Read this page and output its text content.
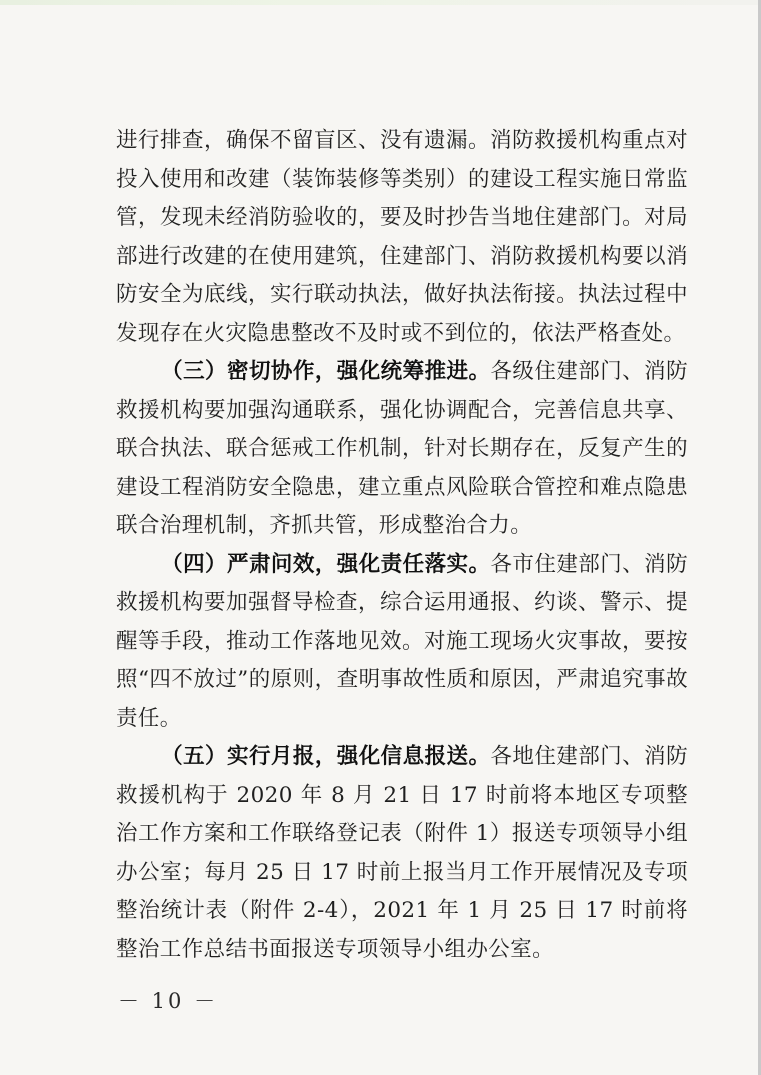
进行排查，确保不留盲区、没有遗漏。消防救援机构重点对投入使用和改建（装饰装修等类别）的建设工程实施日常监管，发现未经消防验收的，要及时抄告当地住建部门。对局部进行改建的在使用建筑，住建部门、消防救援机构要以消防安全为底线，实行联动执法，做好执法衔接。执法过程中发现存在火灾隐患整改不及时或不到位的，依法严格查处。

（三）密切协作，强化统筹推进。各级住建部门、消防救援机构要加强沟通联系，强化协调配合，完善信息共享、联合执法、联合惩戒工作机制，针对长期存在，反复产生的建设工程消防安全隐患，建立重点风险联合管控和难点隐患联合治理机制，齐抓共管，形成整治合力。

（四）严肃问效，强化责任落实。各市住建部门、消防救援机构要加强督导检查，综合运用通报、约谈、警示、提醒等手段，推动工作落地见效。对施工现场火灾事故，要按照“四不放过”的原则，查明事故性质和原因，严肃追究事故责任。

（五）实行月报，强化信息报送。各地住建部门、消防救援机构于 2020 年 8 月 21 日 17 时前将本地区专项整治工作方案和工作联络登记表（附件 1）报送专项领导小组办公室；每月 25 日 17 时前上报当月工作开展情况及专项整治统计表（附件 2-4），2021 年 1 月 25 日 17 时前将整治工作总结书面报送专项领导小组办公室。

－ 10 －
